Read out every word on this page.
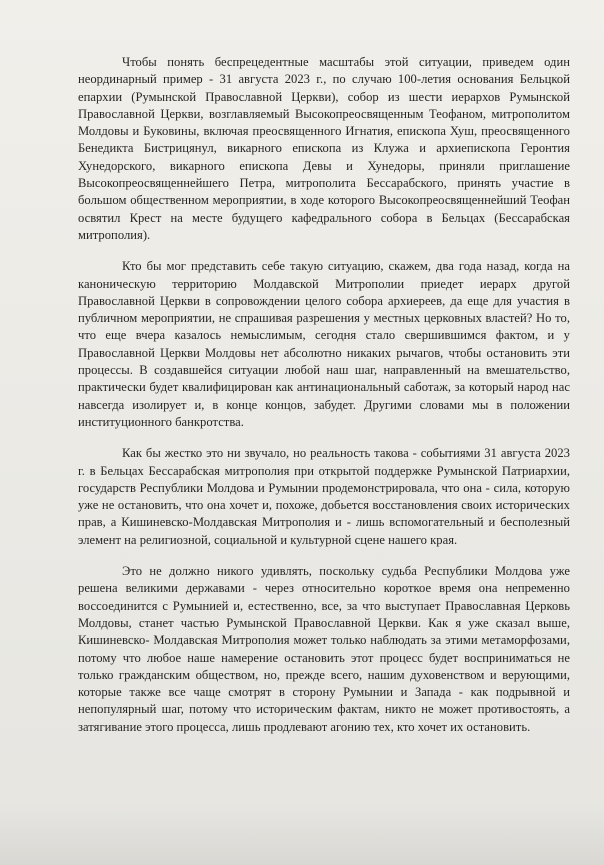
Чтобы понять беспрецедентные масштабы этой ситуации, приведем один неординарный пример - 31 августа 2023 г., по случаю 100-летия основания Бельцкой епархии (Румынской Православной Церкви), собор из шести иерархов Румынской Православной Церкви, возглавляемый Высокопреосвященным Теофаном, митрополитом Молдовы и Буковины, включая преосвященного Игнатия, епископа Хуш, преосвященного Бенедикта Бистрицянул, викарного епископа из Клужа и архиепископа Геронтия Хунедорского, викарного епископа Девы и Хунедоры, приняли приглашение Высокопреосвященнейшего Петра, митрополита Бессарабского, принять участие в большом общественном мероприятии, в ходе которого Высокопреосвященнейший Теофан освятил Крест на месте будущего кафедрального собора в Бельцах (Бессарабская митрополия).

Кто бы мог представить себе такую ситуацию, скажем, два года назад, когда на каноническую территорию Молдавской Митрополии приедет иерарх другой Православной Церкви в сопровождении целого собора архиереев, да еще для участия в публичном мероприятии, не спрашивая разрешения у местных церковных властей? Но то, что еще вчера казалось немыслимым, сегодня стало свершившимся фактом, и у Православной Церкви Молдовы нет абсолютно никаких рычагов, чтобы остановить эти процессы. В создавшейся ситуации любой наш шаг, направленный на вмешательство, практически будет квалифицирован как антинациональный саботаж, за который народ нас навсегда изолирует и, в конце концов, забудет. Другими словами мы в положении институционного банкротства.

Как бы жестко это ни звучало, но реальность такова - событиями 31 августа 2023 г. в Бельцах Бессарабская митрополия при открытой поддержке Румынской Патриархии, государств Республики Молдова и Румынии продемонстрировала, что она - сила, которую уже не остановить, что она хочет и, похоже, добьется восстановления своих исторических прав, а Кишиневско-Молдавская Митрополия и - лишь вспомогательный и бесполезный элемент на религиозной, социальной и культурной сцене нашего края.

Это не должно никого удивлять, поскольку судьба Республики Молдова уже решена великими державами - через относительно короткое время она непременно воссоединится с Румынией и, естественно, все, за что выступает Православная Церковь Молдовы, станет частью Румынской Православной Церкви. Как я уже сказал выше, Кишиневско- Молдавская Митрополия может только наблюдать за этими метаморфозами, потому что любое наше намерение остановить этот процесс будет восприниматься не только гражданским обществом, но, прежде всего, нашим духовенством и верующими, которые также все чаще смотрят в сторону Румынии и Запада - как подрывной и непопулярный шаг, потому что историческим фактам, никто не может противостоять, а затягивание этого процесса, лишь продлевают агонию тех, кто хочет их остановить.
